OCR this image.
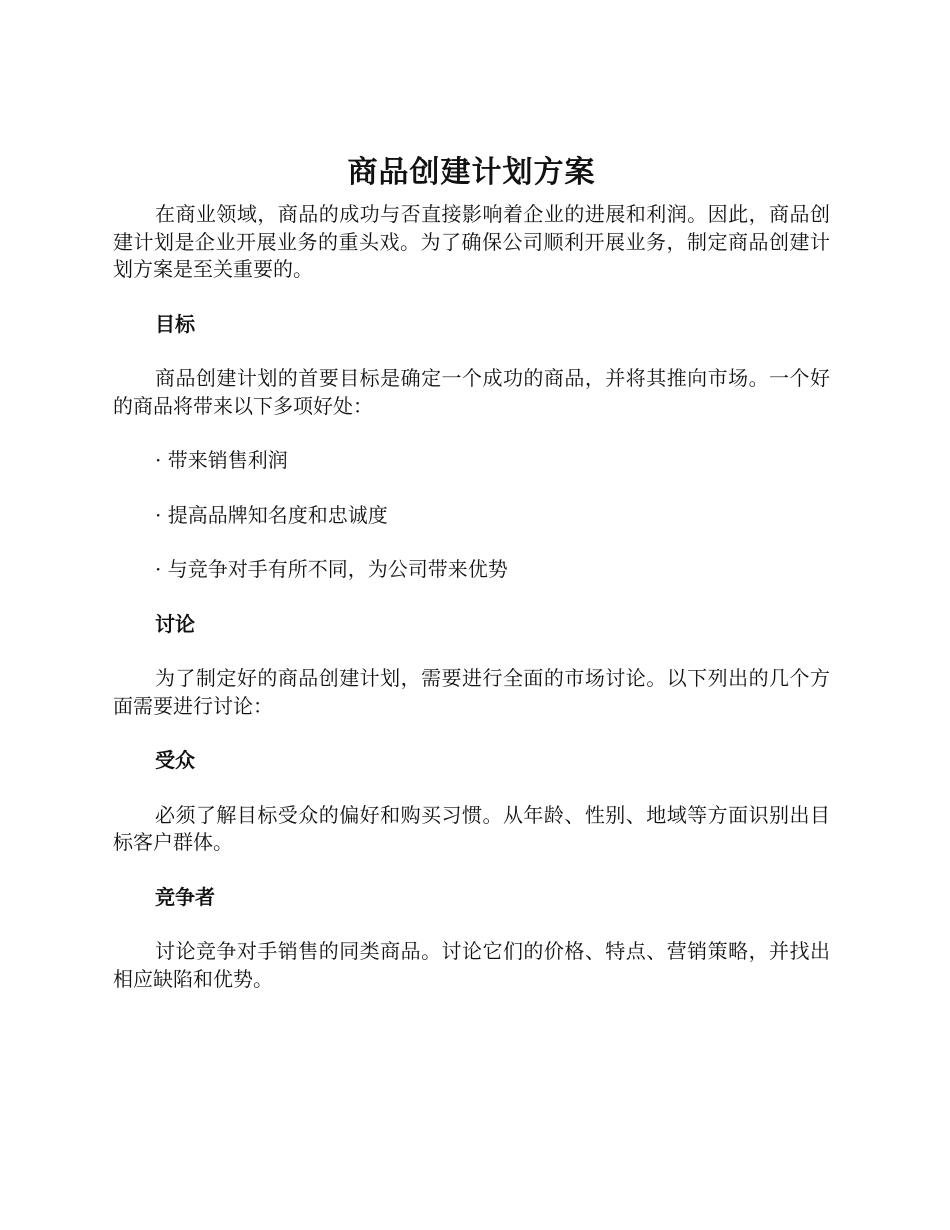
商品创建计划方案

在商业领域，商品的成功与否直接影响着企业的进展和利润。因此，商品创建计划是企业开展业务的重头戏。为了确保公司顺利开展业务，制定商品创建计划方案是至关重要的。

目标

商品创建计划的首要目标是确定一个成功的商品，并将其推向市场。一个好的商品将带来以下多项好处：

· 带来销售利润

· 提高品牌知名度和忠诚度

· 与竞争对手有所不同，为公司带来优势

讨论

为了制定好的商品创建计划，需要进行全面的市场讨论。以下列出的几个方面需要进行讨论：

受众

必须了解目标受众的偏好和购买习惯。从年龄、性别、地域等方面识别出目标客户群体。

竞争者

讨论竞争对手销售的同类商品。讨论它们的价格、特点、营销策略，并找出相应缺陷和优势。
